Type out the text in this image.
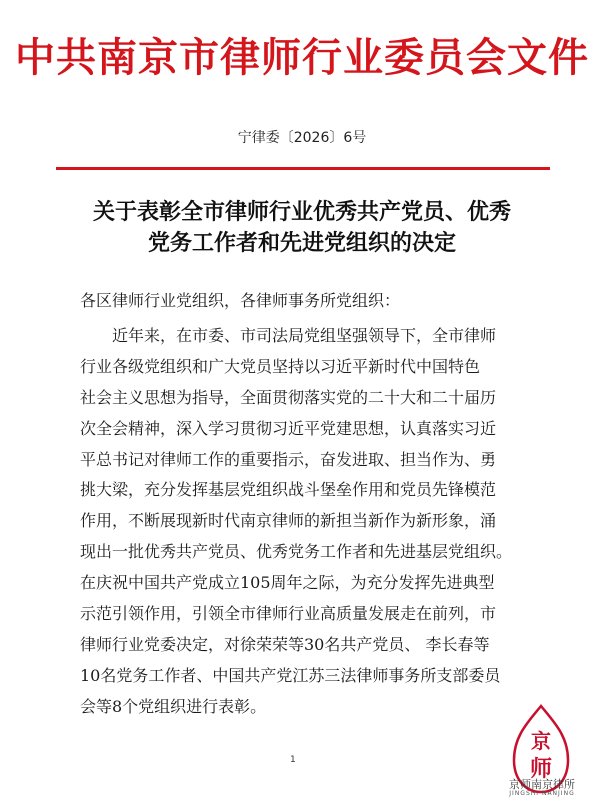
中共南京市律师行业委员会文件
宁律委〔2026〕6号
关于表彰全市律师行业优秀共产党员、优秀
党务工作者和先进党组织的决定
各区律师行业党组织，各律师事务所党组织：
近年来，在市委、市司法局党组坚强领导下，全市律师
行业各级党组织和广大党员坚持以习近平新时代中国特色
社会主义思想为指导，全面贯彻落实党的二十大和二十届历
次全会精神，深入学习贯彻习近平党建思想，认真落实习近
平总书记对律师工作的重要指示，奋发进取、担当作为、勇
挑大梁，充分发挥基层党组织战斗堡垒作用和党员先锋模范
作用，不断展现新时代南京律师的新担当新作为新形象，涌
现出一批优秀共产党员、优秀党务工作者和先进基层党组织。
在庆祝中国共产党成立105周年之际，为充分发挥先进典型
示范引领作用，引领全市律师行业高质量发展走在前列，市
律师行业党委决定，对徐荣荣等30名共产党员、 李长春等
10名党务工作者、中国共产党江苏三法律师事务所支部委员
会等8个党组织进行表彰。
1
京
师
京师南京律所
JINGSHI·NANJING
